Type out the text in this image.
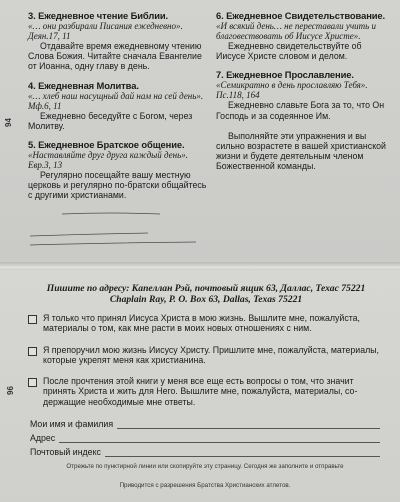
94
3. Ежедневное чтение Библии.
«… они разбирали Писания ежедневно». Деян.17, 11
Отдавайте время ежедневному чтению Слова Божия. Читайте сначала Евангелие от Иоанна, одну главу в день.
4. Ежедневная Молитва.
«… хлеб наш насущный дай нам на сей день». Мф.6, 11
Ежедневно беседуйте с Богом, через Молитву.
5. Ежедневное Братское общение.
«Наставляйте друг друга каждый день». Евр.3, 13
Регулярно посещайте вашу местную церковь и регулярно по-братски общайтесь с другими христианами.
6. Ежедневное Свидетельствование.
«И всякий день… не переставали учить и благовествовать об Иисусе Христе».
Ежедневно свидетельствуйте об Иисусе Христе словом и делом.
7. Ежедневное Прославление.
«Семикратно в день прославляю Тебя». Пс.118, 164
Ежедневно славьте Бога за то, что Он Господь и за содеянное Им.
Выполняйте эти упражнения и вы сильно возрастете в вашей христианской жизни и будете деятельным членом Божественной команды.
96
Пишите по адресу: Капеллан Рэй, почтовый ящик 63, Даллас, Техас 75221
Chaplain Ray, P. O. Box 63, Dallas, Texas 75221
Я только что принял Иисуса Христа в мою жизнь. Вышлите мне, пожалуйста, материалы о том, как мне расти в моих новых отношениях с ним.
Я препоручил мою жизнь Иисусу Христу. Пришлите мне, пожалуйста, материалы, которые укрепят меня как христианина.
После прочтения этой книги у меня все еще есть вопросы о том, что значит принять Христа и жить для Него. Вышлите мне, пожалуйста, материалы, содержащие необходимые мне ответы.
Мои имя и фамилия
Адрес
Почтовый индекс
Отрежьте по пунктирной линии или скопируйте эту страницу. Сегодня же заполните и отправьте
Приводится с разрешения Братства Христианских атлетов.
